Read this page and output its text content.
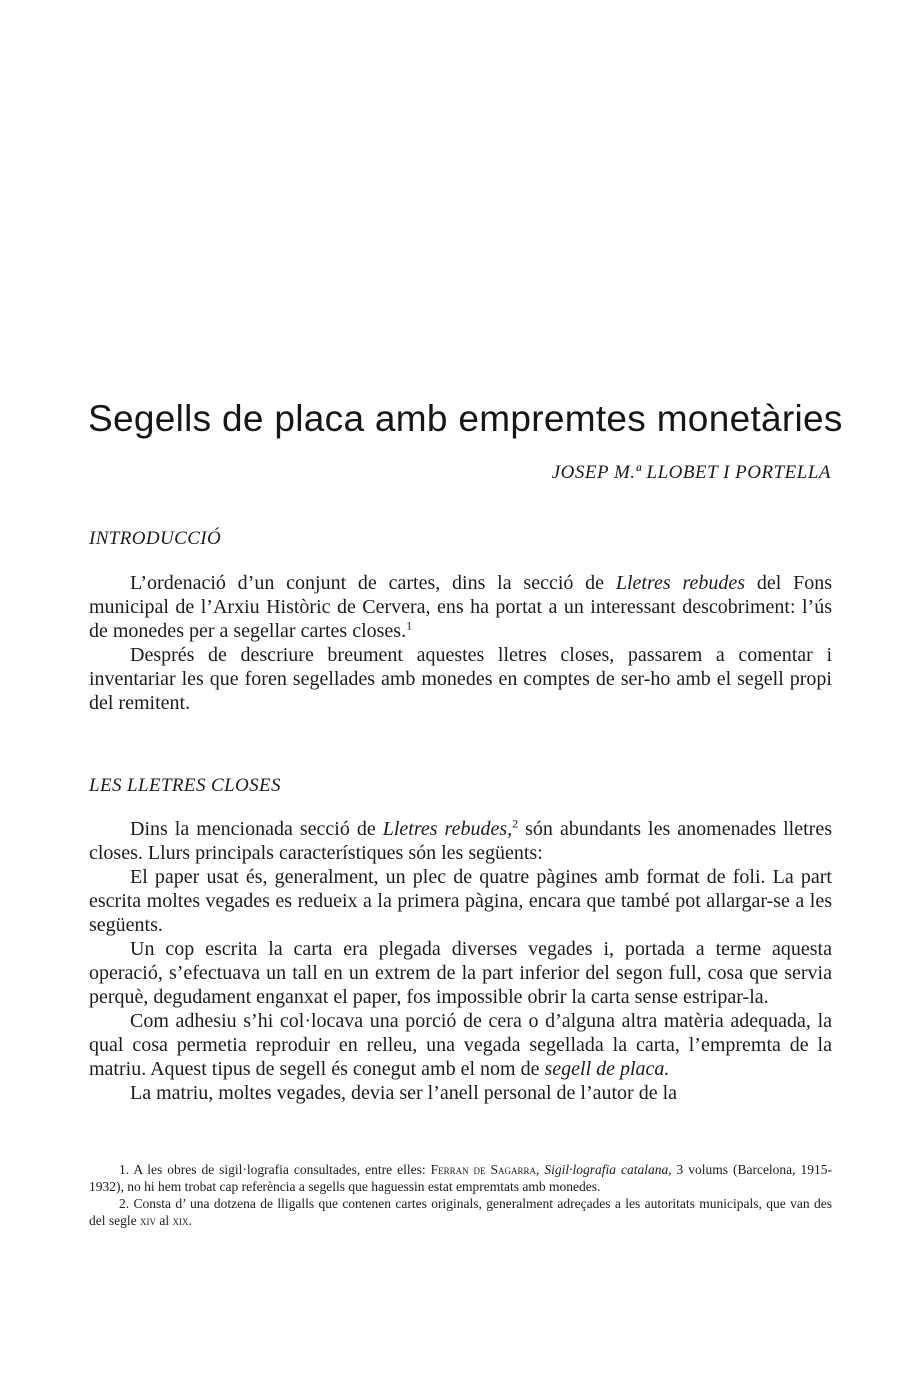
Segells de placa amb empremtes monetàries
JOSEP M.ª LLOBET I PORTELLA
INTRODUCCIÓ

L’ordenació d’un conjunt de cartes, dins la secció de Lletres rebudes del Fons municipal de l’Arxiu Històric de Cervera, ens ha portat a un interessant descobriment: l’ús de monedes per a segellar cartes closes.$^1$

Després de descriure breument aquestes lletres closes, passarem a comentar i inventariar les que foren segellades amb monedes en comptes de ser-ho amb el segell propi del remitent.

LES LLETRES CLOSES

Dins la mencionada secció de Lletres rebudes,$^2$ són abundants les anomenades lletres closes. Llurs principals característiques són les següents:

El paper usat és, generalment, un plec de quatre pàgines amb format de foli. La part escrita moltes vegades es redueix a la primera pàgina, encara que també pot allargar-se a les següents.

Un cop escrita la carta era plegada diverses vegades i, portada a terme aquesta operació, s’efectuava un tall en un extrem de la part inferior del segon full, cosa que servia perquè, degudament enganxat el paper, fos impossible obrir la carta sense estripar-la.

Com adhesiu s’hi col·locava una porció de cera o d’alguna altra matèria adequada, la qual cosa permetia reproduir en relleu, una vegada segellada la carta, l’empremta de la matriu. Aquest tipus de segell és conegut amb el nom de segell de placa.

La matriu, moltes vegades, devia ser l’anell personal de l’autor de la

1. A les obres de sigil·lografia consultades, entre elles: Ferran de Sagarra, Sigil·lografia catalana, 3 volums (Barcelona, 1915-1932), no hi hem trobat cap referència a segells que haguessin estat empremtats amb monedes.

2. Consta d’ una dotzena de lligalls que contenen cartes originals, generalment adreçades a les autoritats municipals, que van des del segle xiv al xix.
